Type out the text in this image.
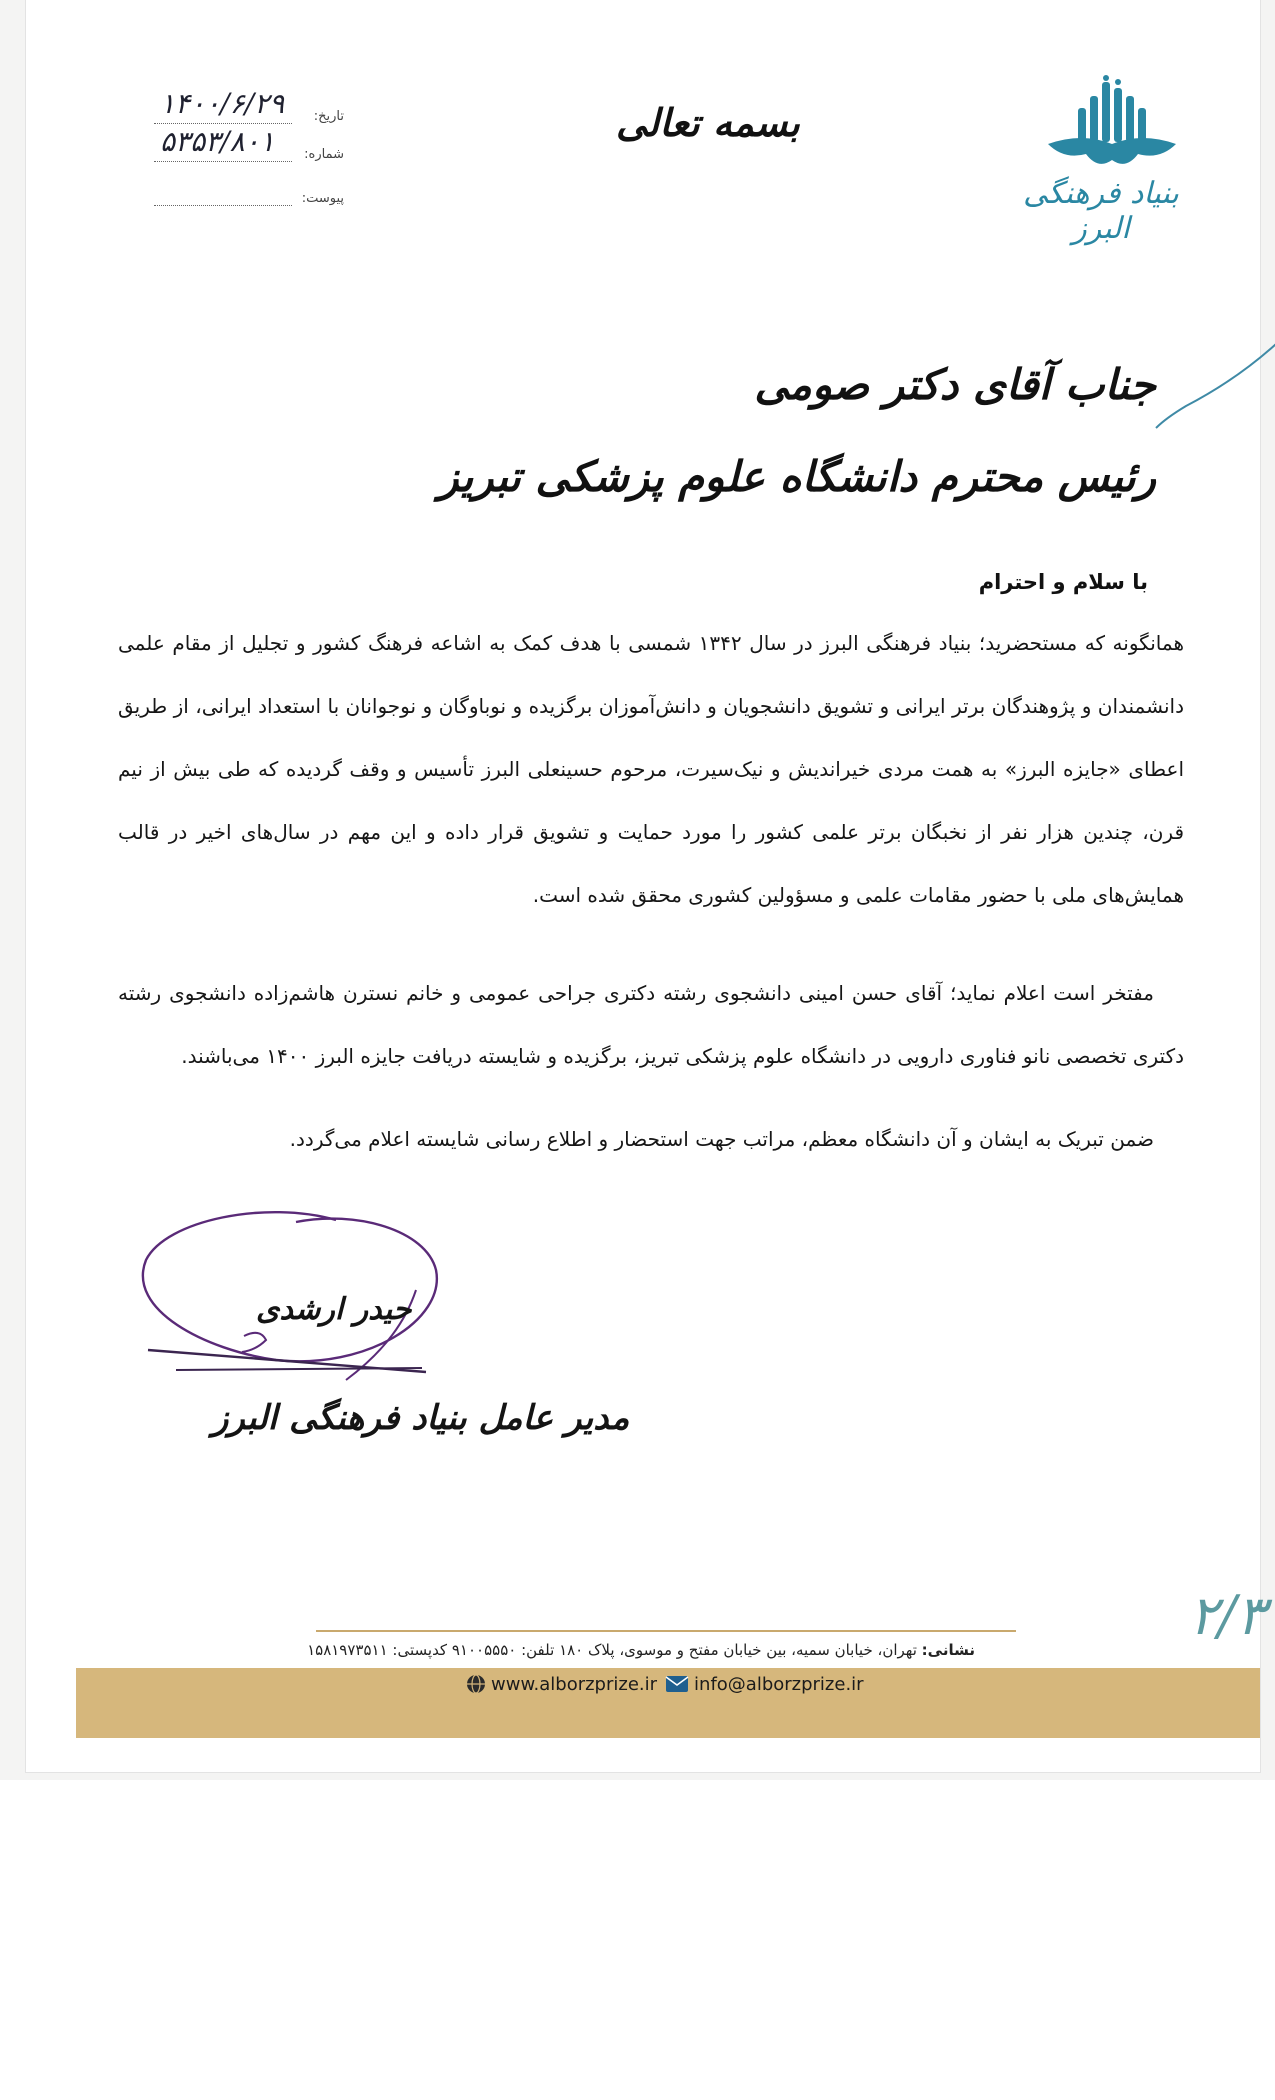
تاریخ:
۱۴۰۰/۶/۲۹
شماره:
۵۳۵۳/۸۰۱
پیوست:
بسمه تعالی
بنیاد فرهنگی البرز
جناب آقای دکتر صومی
رئیس محترم دانشگاه علوم پزشکی تبریز
با سلام و احترام
همانگونه که مستحضرید؛ بنیاد فرهنگی البرز در سال ۱۳۴۲ شمسی با هدف کمک به اشاعه فرهنگ کشور و تجلیل از مقام علمی دانشمندان و پژوهندگان برتر ایرانی و تشویق دانشجویان و دانش‌آموزان برگزیده و نوباوگان و نوجوانان با استعداد ایرانی، از طریق اعطای «جایزه البرز» به همت مردی خیراندیش و نیک‌سیرت، مرحوم حسینعلی البرز تأسیس و وقف گردیده که طی بیش از نیم قرن، چندین هزار نفر از نخبگان برتر علمی کشور را مورد حمایت و تشویق قرار داده و این مهم در سال‌های اخیر در قالب همایش‌های ملی با حضور مقامات علمی و مسؤولین کشوری محقق شده است.
مفتخر است اعلام نماید؛ آقای حسن امینی دانشجوی رشته دکتری جراحی عمومی و خانم نسترن هاشم‌زاده دانشجوی رشته دکتری تخصصی نانو فناوری دارویی در دانشگاه علوم پزشکی تبریز، برگزیده و شایسته دریافت جایزه البرز ۱۴۰۰ می‌باشند.
ضمن تبریک به ایشان و آن دانشگاه معظم، مراتب جهت استحضار و اطلاع رسانی شایسته اعلام می‌گردد.
حیدر ارشدی
مدیر عامل بنیاد فرهنگی البرز
۲/۳
نشانی: تهران، خیابان سمیه، بین خیابان مفتح و موسوی، پلاک ۱۸۰ تلفن: ۹۱۰۰۵۵۵۰ کدپستی: ۱۵۸۱۹۷۳۵۱۱
www.alborzprize.ir info@alborzprize.ir
